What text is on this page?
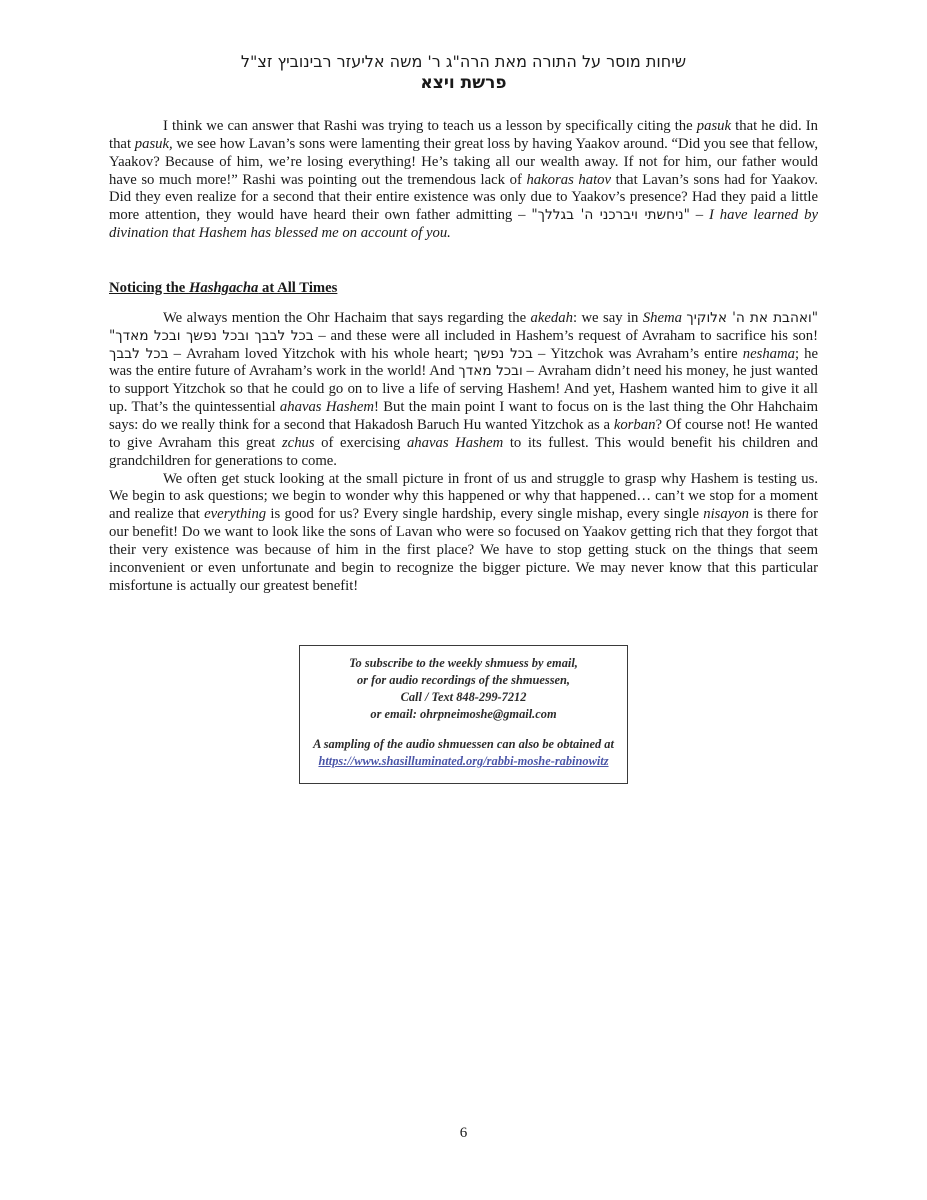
שיחות מוסר על התורה מאת הרה"ג ר' משה אליעזר רבינוביץ זצ"ל
פרשת ויצא

I think we can answer that Rashi was trying to teach us a lesson by specifically citing the pasuk that he did. In that pasuk, we see how Lavan’s sons were lamenting their great loss by having Yaakov around. “Did you see that fellow, Yaakov? Because of him, we’re losing everything! He’s taking all our wealth away. If not for him, our father would have so much more!” Rashi was pointing out the tremendous lack of hakoras hatov that Lavan’s sons had for Yaakov. Did they even realize for a second that their entire existence was only due to Yaakov’s presence? Had they paid a little more attention, they would have heard their own father admitting – "ניחשתי ויברכני ה' בגללך" – I have learned by divination that Hashem has blessed me on account of you.

Noticing the Hashgacha at All Times

We always mention the Ohr Hachaim that says regarding the akedah: we say in Shema "ואהבת את ה' אלוקיך בכל לבבך ובכל נפשך ובכל מאדך" – and these were all included in Hashem’s request of Avraham to sacrifice his son! בכל לבבך – Avraham loved Yitzchok with his whole heart; בכל נפשך – Yitzchok was Avraham’s entire neshama; he was the entire future of Avraham’s work in the world! And ובכל מאדך – Avraham didn’t need his money, he just wanted to support Yitzchok so that he could go on to live a life of serving Hashem! And yet, Hashem wanted him to give it all up. That’s the quintessential ahavas Hashem! But the main point I want to focus on is the last thing the Ohr Hahchaim says: do we really think for a second that Hakadosh Baruch Hu wanted Yitzchok as a korban? Of course not! He wanted to give Avraham this great zchus of exercising ahavas Hashem to its fullest. This would benefit his children and grandchildren for generations to come.

We often get stuck looking at the small picture in front of us and struggle to grasp why Hashem is testing us. We begin to ask questions; we begin to wonder why this happened or why that happened… can’t we stop for a moment and realize that everything is good for us? Every single hardship, every single mishap, every single nisayon is there for our benefit! Do we want to look like the sons of Lavan who were so focused on Yaakov getting rich that they forgot that their very existence was because of him in the first place? We have to stop getting stuck on the things that seem inconvenient or even unfortunate and begin to recognize the bigger picture. We may never know that this particular misfortune is actually our greatest benefit!

To subscribe to the weekly shmuess by email,
or for audio recordings of the shmuessen,
Call / Text 848-299-7212
or email: ohrpneimoshe@gmail.com
A sampling of the audio shmuessen can also be obtained at
https://www.shasilluminated.org/rabbi-moshe-rabinowitz
6
